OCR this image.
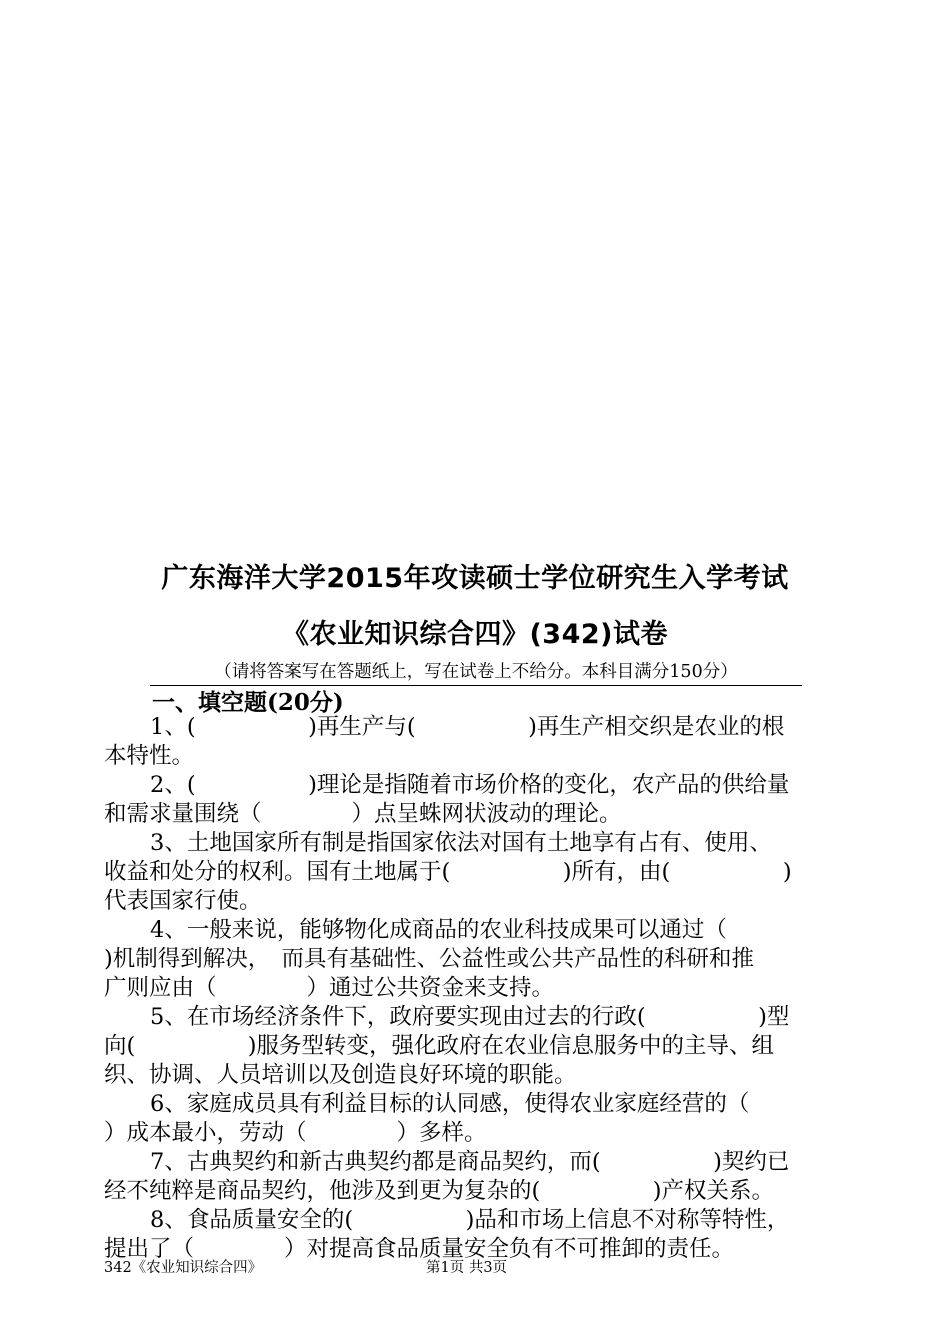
广东海洋大学2015年攻读硕士学位研究生入学考试
《农业知识综合四》(342)试卷
（请将答案写在答题纸上，写在试卷上不给分。本科目满分150分）
一、填空题(20分)
1、(　　　　　)再生产与(　　　　　)再生产相交织是农业的根
本特性。
2、(　　　　　)理论是指随着市场价格的变化，农产品的供给量
和需求量围绕（　　　　）点呈蛛网状波动的理论。
3、土地国家所有制是指国家依法对国有土地享有占有、使用、
收益和处分的权利。国有土地属于(　　　　　)所有，由(　　　　　)
代表国家行使。
4、一般来说，能够物化成商品的农业科技成果可以通过（
)机制得到解决，　而具有基础性、公益性或公共产品性的科研和推
广则应由（　　　　）通过公共资金来支持。
5、在市场经济条件下，政府要实现由过去的行政(　　　　　)型
向(　　　　　)服务型转变，强化政府在农业信息服务中的主导、组
织、协调、人员培训以及创造良好环境的职能。
6、家庭成员具有利益目标的认同感，使得农业家庭经营的（
）成本最小，劳动（　　　　）多样。
7、古典契约和新古典契约都是商品契约，而(　　　　　)契约已
经不纯粹是商品契约，他涉及到更为复杂的(　　　　　)产权关系。
8、食品质量安全的(　　　　　)品和市场上信息不对称等特性，
提出了（　　　　）对提高食品质量安全负有不可推卸的责任。
342《农业知识综合四》	第1页 共3页
